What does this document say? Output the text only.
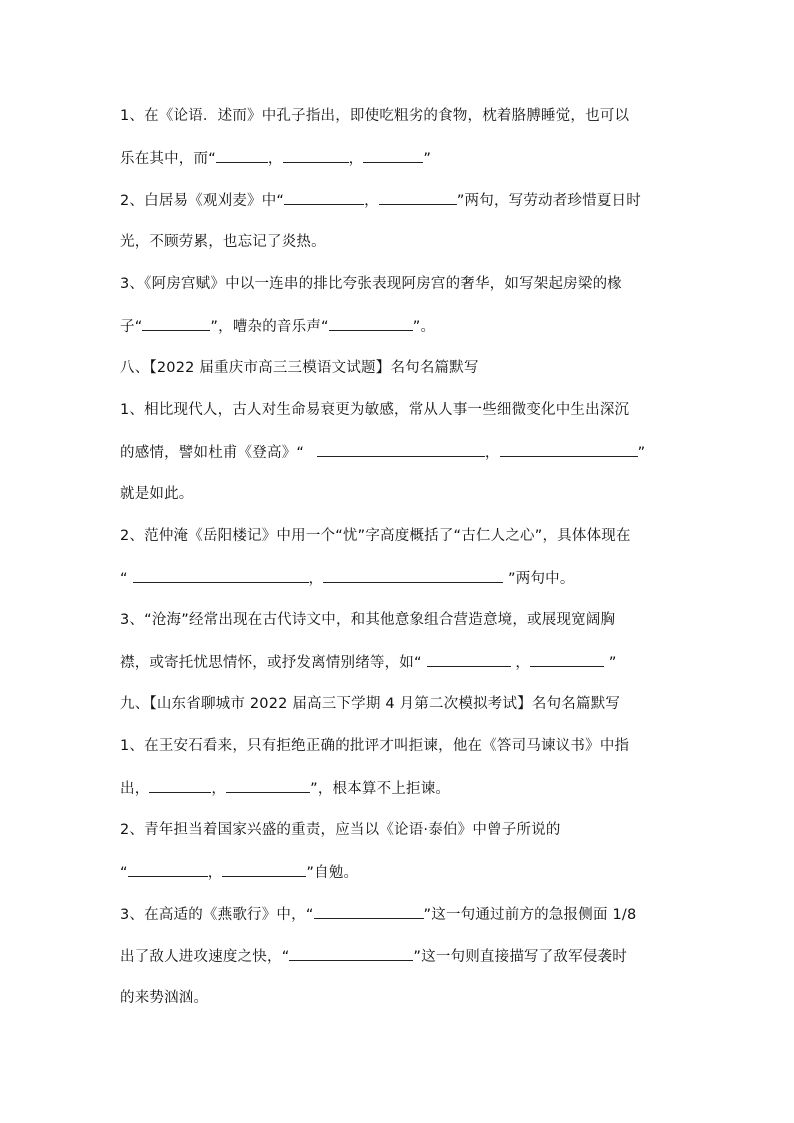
1、在《论语．述而》中孔子指出，即使吃粗劣的食物，枕着胳膊睡觉，也可以
乐在其中，而“	，	，	”
2、白居易《观刈麦》中“	，	”两句，写劳动者珍惜夏日时
光，不顾劳累，也忘记了炎热。
3、《阿房宫赋》中以一连串的排比夸张表现阿房宫的奢华，如写架起房梁的椽
子“	”，嘈杂的音乐声“	”。
八、【2022 届重庆市高三三模语文试题】名句名篇默写
1、相比现代人，古人对生命易衰更为敏感，常从人事一些细微变化中生出深沉
的感情，譬如杜甫《登高》“	，	”
就是如此。
2、范仲淹《岳阳楼记》中用一个“忧”字高度概括了“古仁人之心”，具体体现在
“	，	”两句中。
3、“沧海”经常出现在古代诗文中，和其他意象组合营造意境，或展现宽阔胸
襟，或寄托忧思情怀，或抒发离情别绪等，如“	，	”
九、【山东省聊城市 2022 届高三下学期 4 月第二次模拟考试】名句名篇默写
1、在王安石看来，只有拒绝正确的批评才叫拒谏，他在《答司马谏议书》中指
出，	，	”，根本算不上拒谏。
2、青年担当着国家兴盛的重责，应当以《论语·泰伯》中曾子所说的
“	，	”自勉。
3、在高适的《燕歌行》中，“	”这一句通过前方的急报侧面 1/8
出了敌人进攻速度之快，“	”这一句则直接描写了敌军侵袭时
的来势汹汹。
